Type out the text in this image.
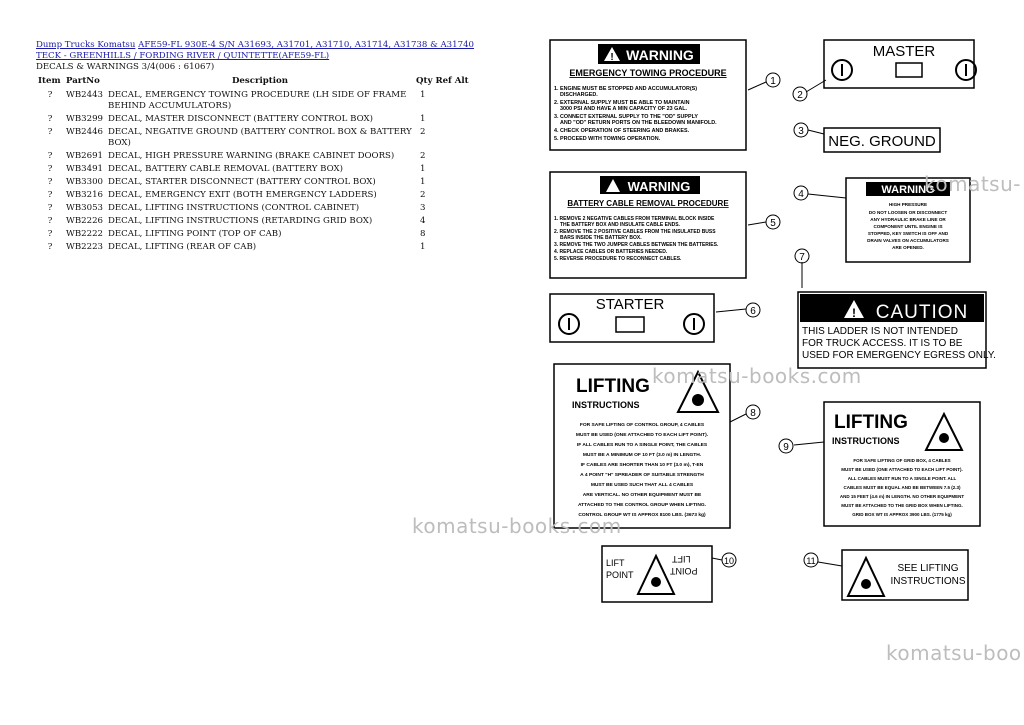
Dump Trucks Komatsu AFE59-FL 930E-4 S/N A31693, A31701, A31710, A31714, A31738 & A31740
TECK - GREENHILLS / FORDING RIVER / QUINTETTE(AFE59-FL)
DECALS & WARNINGS 3/4(006 : 61067)
Item	PartNo	Description	Qty Ref Alt
?	WB2443	DECAL, EMERGENCY TOWING PROCEDURE (LH SIDE OF FRAME BEHIND ACCUMULATORS)	1
?	WB3299	DECAL, MASTER DISCONNECT (BATTERY CONTROL BOX)	1
?	WB2446	DECAL, NEGATIVE GROUND (BATTERY CONTROL BOX & BATTERY BOX)	2
?	WB2691	DECAL, HIGH PRESSURE WARNING (BRAKE CABINET DOORS)	2
?	WB3491	DECAL, BATTERY CABLE REMOVAL (BATTERY BOX)	1
?	WB3300	DECAL, STARTER DISCONNECT (BATTERY CONTROL BOX)	1
?	WB3216	DECAL, EMERGENCY EXIT (BOTH EMERGENCY LADDERS)	2
?	WB3053	DECAL, LIFTING INSTRUCTIONS (CONTROL CABINET)	3
?	WB2226	DECAL, LIFTING INSTRUCTIONS (RETARDING GRID BOX)	4
?	WB2222	DECAL, LIFTING POINT (TOP OF CAB)	8
?	WB2223	DECAL, LIFTING (REAR OF CAB)	1
! WARNING
EMERGENCY TOWING PROCEDURE
1. ENGINE MUST BE STOPPED AND ACCUMULATOR(S)
DISCHARGED.
2. EXTERNAL SUPPLY MUST BE ABLE TO MAINTAIN
3000 PSI AND HAVE A MIN CAPACITY OF 23 GAL.
3. CONNECT EXTERNAL SUPPLY TO THE "OD" SUPPLY
AND "OD" RETURN PORTS ON THE BLEEDOWN MANIFOLD.
4. CHECK OPERATION OF STEERING AND BRAKES.
5. PROCEED WITH TOWING OPERATION.
1
MASTER
2
NEG. GROUND
3
WARNING
BATTERY CABLE REMOVAL PROCEDURE
1. REMOVE 2 NEGATIVE CABLES FROM TERMINAL BLOCK INSIDE
THE BATTERY BOX AND INSULATE CABLE ENDS.
2. REMOVE THE 2 POSITIVE CABLES FROM THE INSULATED BUSS
BARS INSIDE THE BATTERY BOX.
3. REMOVE THE TWO JUMPER CABLES BETWEEN THE BATTERIES.
4. REPLACE CABLES OR BATTERIES NEEDED.
5. REVERSE PROCEDURE TO RECONNECT CABLES.
5
WARNING
HIGH PRESSURE
DO NOT LOOSEN OR DISCONNECT
ANY HYDRAULIC BRAKE LINE OR
COMPONENT UNTIL ENGINE IS
STOPPED, KEY SWITCH IS OFF AND
DRAIN VALVES ON ACCUMULATORS
ARE OPENED.
4
STARTER	6	! CAUTION
THIS LADDER IS NOT INTENDED
FOR TRUCK ACCESS. IT IS TO BE
USED FOR EMERGENCY EGRESS ONLY.
7
LIFTING
INSTRUCTIONS
FOR SAFE LIFTING OF CONTROL GROUP, 4 CABLES
MUST BE USED (ONE ATTACHED TO EACH LIFT POINT).
IF ALL CABLES RUN TO A SINGLE POINT, THE CABLES
MUST BE A MINIMUM OF 10 FT (3.0 m) IN LENGTH.
IF CABLES ARE SHORTER THAN 10 FT (3.0 m), T-EN
A 4 POINT "H" SPREADER OF SUITABLE STRENGTH
MUST BE USED SUCH THAT ALL 4 CABLES
ARE VERTICAL. NO OTHER EQUIPMENT MUST BE
ATTACHED TO THE CONTROL GROUP WHEN LIFTING.
CONTROL GROUP WT IS APPROX 8100 LBS. (3673 kg)
8	LIFTING
INSTRUCTIONS
FOR SAFE LIFTING OF GRID BOX, 4 CABLES
MUST BE USED (ONE ATTACHED TO EACH LIFT POINT).
ALL CABLES MUST RUN TO A SINGLE POINT. ALL
CABLES MUST BE EQUAL AND BE BETWEEN 7.5 (2.3)
AND 15 FEET (4.6 m) IN LENGTH. NO OTHER EQUIPMENT
MUST BE ATTACHED TO THE GRID BOX WHEN LIFTING.
GRID BOX WT IS APPROX 3900 LBS. (1775 kg)
9
LIFT
POINT
LIFT
POINT
10
SEE LIFTING
INSTRUCTIONS
11
komatsu-books.com
komatsu-books.com
komatsu-
komatsu-boo
